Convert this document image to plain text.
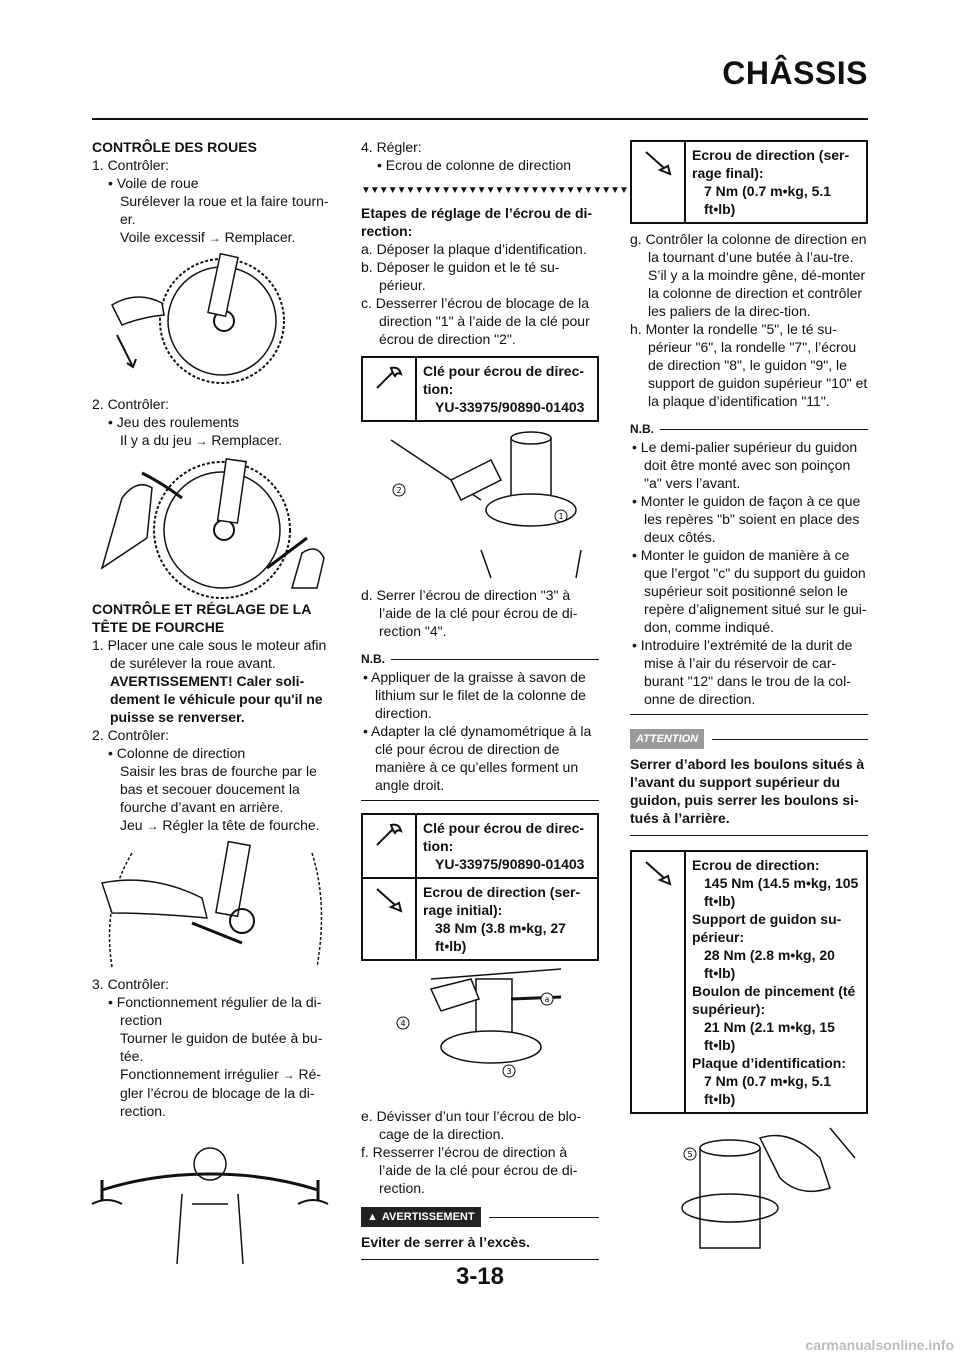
CHÂSSIS
CONTRÔLE DES ROUES
1. Contrôler:
• Voile de roue
Surélever la roue et la faire tourn-er.
Voile excessif → Remplacer.
2. Contrôler:
• Jeu des roulements
Il y a du jeu → Remplacer.
CONTRÔLE ET RÉGLAGE DE LA TÊTE DE FOURCHE
1. Placer une cale sous le moteur afin de surélever la roue avant.
AVERTISSEMENT! Caler soli-dement le véhicule pour qu'il ne puisse se renverser.
2. Contrôler:
• Colonne de direction
Saisir les bras de fourche par le bas et secouer doucement la fourche d’avant en arrière.
Jeu → Régler la tête de fourche.
3. Contrôler:
• Fonctionnement régulier de la di-rection
Tourner le guidon de butée à bu-tée.
Fonctionnement irrégulier → Ré-gler l’écrou de blocage de la di-rection.
4. Régler:
• Ecrou de colonne de direction
▼▼▼▼▼▼▼▼▼▼▼▼▼▼▼▼▼▼▼▼▼▼▼▼▼▼▼▼▼▼
Etapes de réglage de l’écrou de di-rection:
a. Déposer la plaque d’identification.
b. Déposer le guidon et le té su-périeur.
c. Desserrer l’écrou de blocage de la direction "1" à l’aide de la clé pour écrou de direction "2".
Clé pour écrou de direc-tion:
YU-33975/90890-01403
2
1
d. Serrer l’écrou de direction "3" à l’aide de la clé pour écrou de di-rection "4".
N.B.
• Appliquer de la graisse à savon de lithium sur le filet de la colonne de direction.
• Adapter la clé dynamométrique à la clé pour écrou de direction de manière à ce qu’elles forment un angle droit.
Clé pour écrou de direc-tion:
YU-33975/90890-01403
Ecrou de direction (ser-rage initial):
38 Nm (3.8 m•kg, 27 ft•lb)
a
4
3
e. Dévisser d’un tour l’écrou de blo-cage de la direction.
f. Resserrer l’écrou de direction à l’aide de la clé pour écrou de di-rection.
▲ AVERTISSEMENT
Eviter de serrer à l’excès.
Ecrou de direction (ser-rage final):
7 Nm (0.7 m•kg, 5.1 ft•lb)
g. Contrôler la colonne de direction en la tournant d’une butée à l’au-tre. S’il y a la moindre gêne, dé-monter la colonne de direction et contrôler les paliers de la direc-tion.
h. Monter la rondelle "5", le té su-périeur "6", la rondelle "7", l’écrou de direction "8", le guidon "9", le support de guidon supérieur "10" et la plaque d’identification "11".
N.B.
• Le demi-palier supérieur du guidon doit être monté avec son poinçon "a" vers l’avant.
• Monter le guidon de façon à ce que les repères "b" soient en place des deux côtés.
• Monter le guidon de manière à ce que l’ergot "c" du support du guidon supérieur soit positionné selon le repère d’alignement situé sur le gui-don, comme indiqué.
• Introduire l’extrémité de la durit de mise à l’air du réservoir de car-burant "12" dans le trou de la col-onne de direction.
ATTENTION
Serrer d’abord les boulons situés à l’avant du support supérieur du guidon, puis serrer les boulons si-tués à l’arrière.
Ecrou de direction:
145 Nm (14.5 m•kg, 105 ft•lb)
Support de guidon su-périeur:
28 Nm (2.8 m•kg, 20 ft•lb)
Boulon de pincement (té supérieur):
21 Nm (2.1 m•kg, 15 ft•lb)
Plaque d’identification:
7 Nm (0.7 m•kg, 5.1 ft•lb)
5
3-18
carmanualsonline.info
